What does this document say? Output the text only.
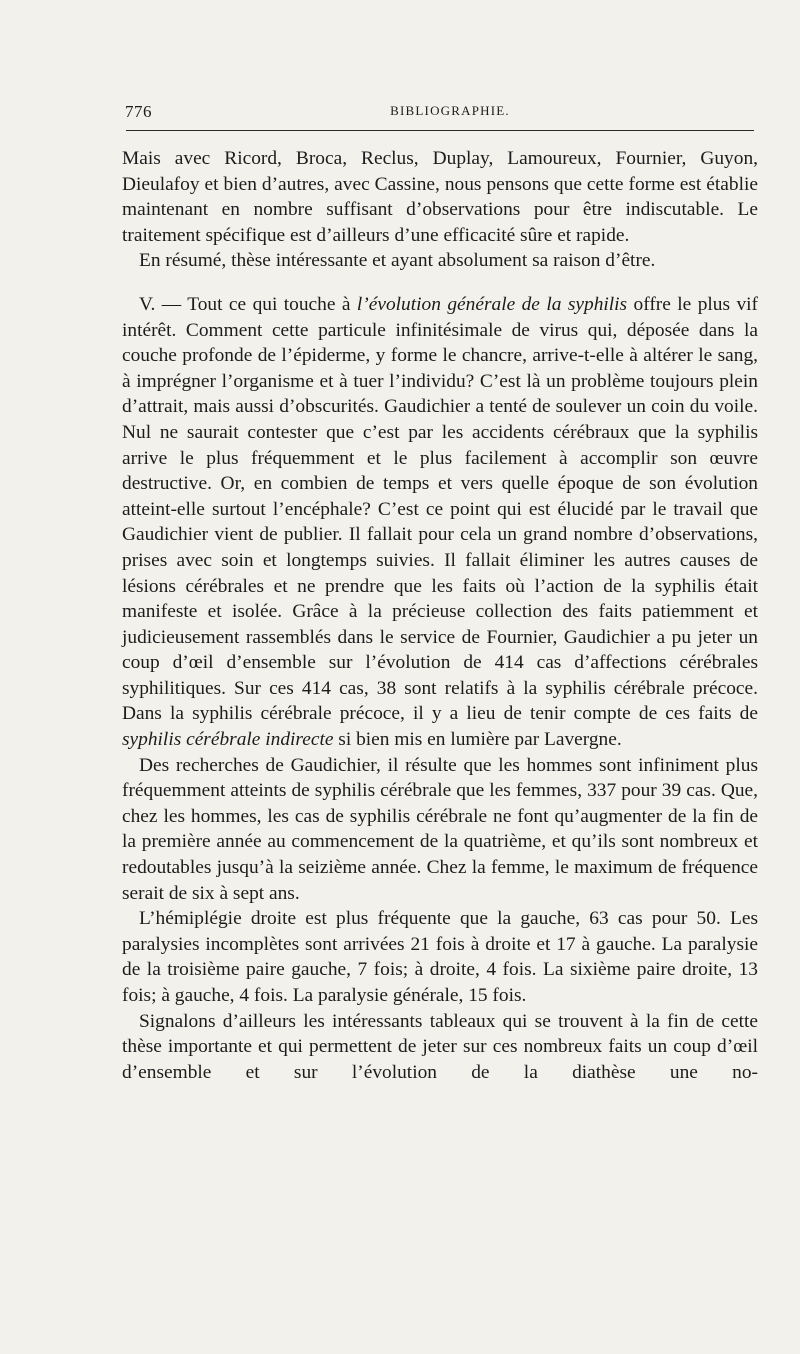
776	BIBLIOGRAPHIE.

Mais avec Ricord, Broca, Reclus, Duplay, Lamoureux, Fournier, Guyon, Dieulafoy et bien d’autres, avec Cassine, nous pensons que cette forme est établie maintenant en nombre suffisant d’observations pour être indiscutable. Le traitement spécifique est d’ailleurs d’une efficacité sûre et rapide.

En résumé, thèse intéressante et ayant absolument sa raison d’être.

V. — Tout ce qui touche à l’évolution générale de la syphilis offre le plus vif intérêt. Comment cette particule infinitésimale de virus qui, déposée dans la couche profonde de l’épiderme, y forme le chancre, arrive-t-elle à altérer le sang, à imprégner l’organisme et à tuer l’individu? C’est là un problème toujours plein d’attrait, mais aussi d’obscurités. Gaudichier a tenté de soulever un coin du voile. Nul ne saurait contester que c’est par les accidents cérébraux que la syphilis arrive le plus fréquemment et le plus facilement à accomplir son œuvre destructive. Or, en combien de temps et vers quelle époque de son évolution atteint-elle surtout l’encéphale? C’est ce point qui est élucidé par le travail que Gaudichier vient de publier. Il fallait pour cela un grand nombre d’observations, prises avec soin et longtemps suivies. Il fallait éliminer les autres causes de lésions cérébrales et ne prendre que les faits où l’action de la syphilis était manifeste et isolée. Grâce à la précieuse collection des faits patiemment et judicieusement rassemblés dans le service de Fournier, Gaudichier a pu jeter un coup d’œil d’ensemble sur l’évolution de 414 cas d’affections cérébrales syphilitiques. Sur ces 414 cas, 38 sont relatifs à la syphilis cérébrale précoce. Dans la syphilis cérébrale précoce, il y a lieu de tenir compte de ces faits de syphilis cérébrale indirecte si bien mis en lumière par Lavergne.

Des recherches de Gaudichier, il résulte que les hommes sont infiniment plus fréquemment atteints de syphilis cérébrale que les femmes, 337 pour 39 cas. Que, chez les hommes, les cas de syphilis cérébrale ne font qu’augmenter de la fin de la première année au commencement de la quatrième, et qu’ils sont nombreux et redoutables jusqu’à la seizième année. Chez la femme, le maximum de fréquence serait de six à sept ans.

L’hémiplégie droite est plus fréquente que la gauche, 63 cas pour 50. Les paralysies incomplètes sont arrivées 21 fois à droite et 17 à gauche. La paralysie de la troisième paire gauche, 7 fois; à droite, 4 fois. La sixième paire droite, 13 fois; à gauche, 4 fois. La paralysie générale, 15 fois.

Signalons d’ailleurs les intéressants tableaux qui se trouvent à la fin de cette thèse importante et qui permettent de jeter sur ces nombreux faits un coup d’œil d’ensemble et sur l’évolution de la diathèse une no-
